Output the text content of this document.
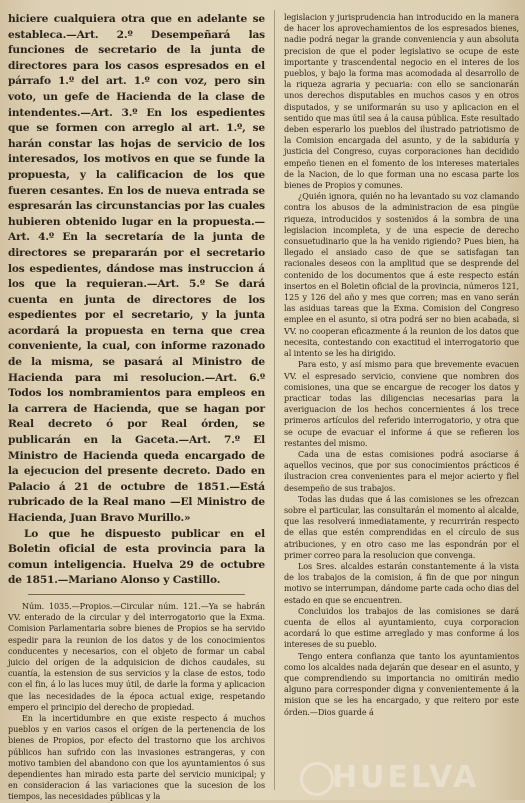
hiciere cualquiera otra que en adelante se estableca.—Art. 2.º Desempeñará las funciones de secretario de la junta de directores para los casos espresados en el párrafo 1.º del art. 1.º con voz, pero sin voto, un gefe de Hacienda de la clase de intendentes.—Art. 3.º En los espedientes que se formen con arreglo al art. 1.º, se harán constar las hojas de servicio de los interesados, los motivos en que se funde la propuesta, y la calificacion de los que fueren cesantes. En los de nueva entrada se espresarán las circunstancias por las cuales hubieren obtenido lugar en la propuesta.—Art. 4.º En la secretaría de la junta de directores se prepararán por el secretario los espedientes, dándose mas instruccion á los que la requieran.—Art. 5.º Se dará cuenta en junta de directores de los espedientes por el secretario, y la junta acordará la propuesta en terna que crea conveniente, la cual, con informe razonado de la misma, se pasará al Ministro de Hacienda para mi resolucion.—Art. 6.º Todos los nombramientos para empleos en la carrera de Hacienda, que se hagan por Real decreto ó por Real órden, se publicarán en la Gaceta.—Art. 7.º El Ministro de Hacienda queda encargado de la ejecucion del presente decreto. Dado en Palacio á 21 de octubre de 1851.—Está rubricado de la Real mano —El Ministro de Hacienda, Juan Bravo Murillo.»

Lo que he dispuesto publicar en el Boletin oficial de esta provincia para la comun inteligencia. Huelva 29 de octubre de 1851.—Mariano Alonso y Castillo.

Núm. 1035.—Propios.—Circular núm. 121.—Ya se habrán VV. enterado de la circular y del interrogatorio que la Exma. Comision Parlamentaria sobre bienes de Propios se ha servido espedir para la reunion de los datos y de los conocimientos conducentes y necesarios, con el objeto de formar un cabal juicio del orígen de la adquisicion de dichos caudales, su cuantía, la estension de sus servicios y la clase de estos, todo con el fin, á lo las luces muy útil, de darle la forma y aplicacion que las necesidades de la época actual exige, respetando empero el principio del derecho de propiedad.

En la incertidumbre en que existe respecto á muchos pueblos y en varios casos el orígen de la pertenencia de los bienes de Propios, por efecto del trastorno que los archivos públicos han sufrido con las invasiones estrangeras, y con motivo tambien del abandono con que los ayuntamientos ó sus dependientes han mirado esta parte del servicio municipal; y en consideracion á las variaciones que la sucesion de los tiempos, las necesidades públicas y la

legislacion y jurisprudencia han introducido en la manera de hacer los aprovechamientos de los espresados bienes, nadie podrá negar la grande conveniencia y aun absoluta precision de que el poder legislativo se ocupe de este importante y trascendental negocio en el interes de los pueblos, y bajo la forma mas acomodada al desarrollo de la riqueza agraria y pecuaria: con ello se sancionarán unos derechos disputables en muchos casos y en otros disputados, y se uniformarán su uso y aplicacion en el sentido que mas útil sea á la causa pública. Este resultado deben esperarlo los pueblos del ilustrado patriotismo de la Comision encargada del asunto, y de la sabiduría y justicia del Congreso, cuyas corporaciones han decidido empeño tienen en el fomento de los intereses materiales de la Nacion, de lo que forman una no escasa parte los bienes de Propios y comunes.

¿Quién ignora, quién no ha levantado su voz clamando contra los abusos de la administracion de esa pingüe riqueza, introducidos y sostenidos á la sombra de una legislacion incompleta, y de una especie de derecho consuetudinario que la ha venido rigiendo? Pues bien, ha llegado el ansiado caso de que se satisfagan tan racionales deseos con la amplitud que se desprende del contenido de los documentos que á este respecto están insertos en el Boletin oficial de la provincia, números 121, 125 y 126 del año y mes que corren; mas en vano serán las asiduas tareas que la Exma. Comision del Congreso emplee en el asunto, si otra podrá ser no bien acabada, si VV. no cooperan eficazmente á la reunion de los datos que necesita, contestando con exactitud el interrogatorio que al intento se les ha dirigido.

Para esto, y así mismo para que brevemente evacuen VV. el espresado servicio, conviene que nombren dos comisiones, una que se encargue de recoger los datos y practicar todas las diligencias necesarias para la averiguacion de los hechos concernientes á los trece primeros artículos del referido interrogatorio, y otra que se ocupe de evacuar el informe á que se refieren los restantes del mismo.

Cada una de estas comisiones podrá asociarse á aquellos vecinos, que por sus conocimientos prácticos é ilustracion crea convenientes para el mejor acierto y fiel desempeño de sus trabajos.

Todas las dudas que á las comisiones se les ofrezcan sobre el particular, las consultarán el momento al alcalde, que las resolverá inmediatamente, y recurrirán respecto de ellas que estén comprendidas en el círculo de sus atribuciones, y en otro caso me las espondrán por el primer correo para la resolucion que convenga.

Los Sres. alcaldes estarán constantemente á la vista de los trabajos de la comision, á fin de que por ningun motivo se interrumpan, dándome parte cada ocho dias del estado en que se encuentren.

Concluidos los trabajos de las comisiones se dará cuenta de ellos al ayuntamiento, cuya corporacion acordará lo que estime arreglado y mas conforme á los intereses de su pueblo.

Tengo entera confianza que tanto los ayuntamientos como los alcaldes nada dejarán que desear en el asunto, y que comprendiendo su importancia no omitirán medio alguno para corresponder digna y convenientemente á la mision que se les ha encargado, y que reitero por este órden.—Dios guarde á

HUELVA
